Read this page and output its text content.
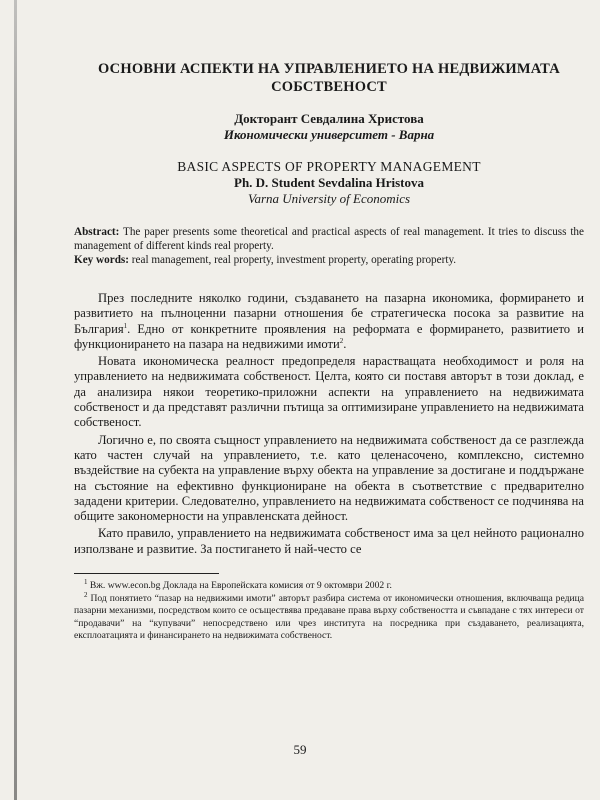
ОСНОВНИ АСПЕКТИ НА УПРАВЛЕНИЕТО НА НЕДВИЖИМАТА СОБСТВЕНОСТ
Докторант Севдалина Христова
Икономически университет - Варна
BASIC ASPECTS OF PROPERTY MANAGEMENT
Ph. D. Student Sevdalina Hristova
Varna University of Economics
Abstract: The paper presents some theoretical and practical aspects of real management. It tries to discuss the management of different kinds real property.
Key words: real management, real property, investment property, operating property.

През последните няколко години, създаването на пазарна икономика, формирането и развитието на пълноценни пазарни отношения бе стратегическа посока за развитие на България$^1$. Едно от конкретните проявления на реформата е формирането, развитието и функционирането на пазара на недвижими имоти$^2$.

Новата икономическа реалност предопределя нарастващата необходимост и роля на управлението на недвижимата собственост. Целта, която си поставя авторът в този доклад, е да анализира някои теоретико-приложни аспекти на управлението на недвижимата собственост и да представят различни пътища за оптимизиране управлението на недвижимата собственост.

Логично е, по своята същност управлението на недвижимата собственост да се разглежда като частен случай на управлението, т.е. като целенасочено, комплексно, системно въздействие на субекта на управление върху обекта на управление за достигане и поддържане на състояние на ефективно функциониране на обекта в съответствие с предварително зададени критерии. Следователно, управлението на недвижимата собственост се подчинява на общите закономерности на управленската дейност.

Като правило, управлението на недвижимата собственост има за цел нейното рационално използване и развитие. За постигането й най-често се

$^1$ Вж. www.econ.bg Доклада на Европейската комисия от 9 октомври 2002 г.

$^2$ Под понятието “пазар на недвижими имоти” авторът разбира система от икономически отношения, включваща редица пазарни механизми, посредством които се осъществява предаване права върху собствеността и съвпадане с тях интереси от “продавачи” на “купувачи” непосредствено или чрез института на посредника при създаването, реализацията, експлоатацията и финансирането на недвижимата собственост.

59
